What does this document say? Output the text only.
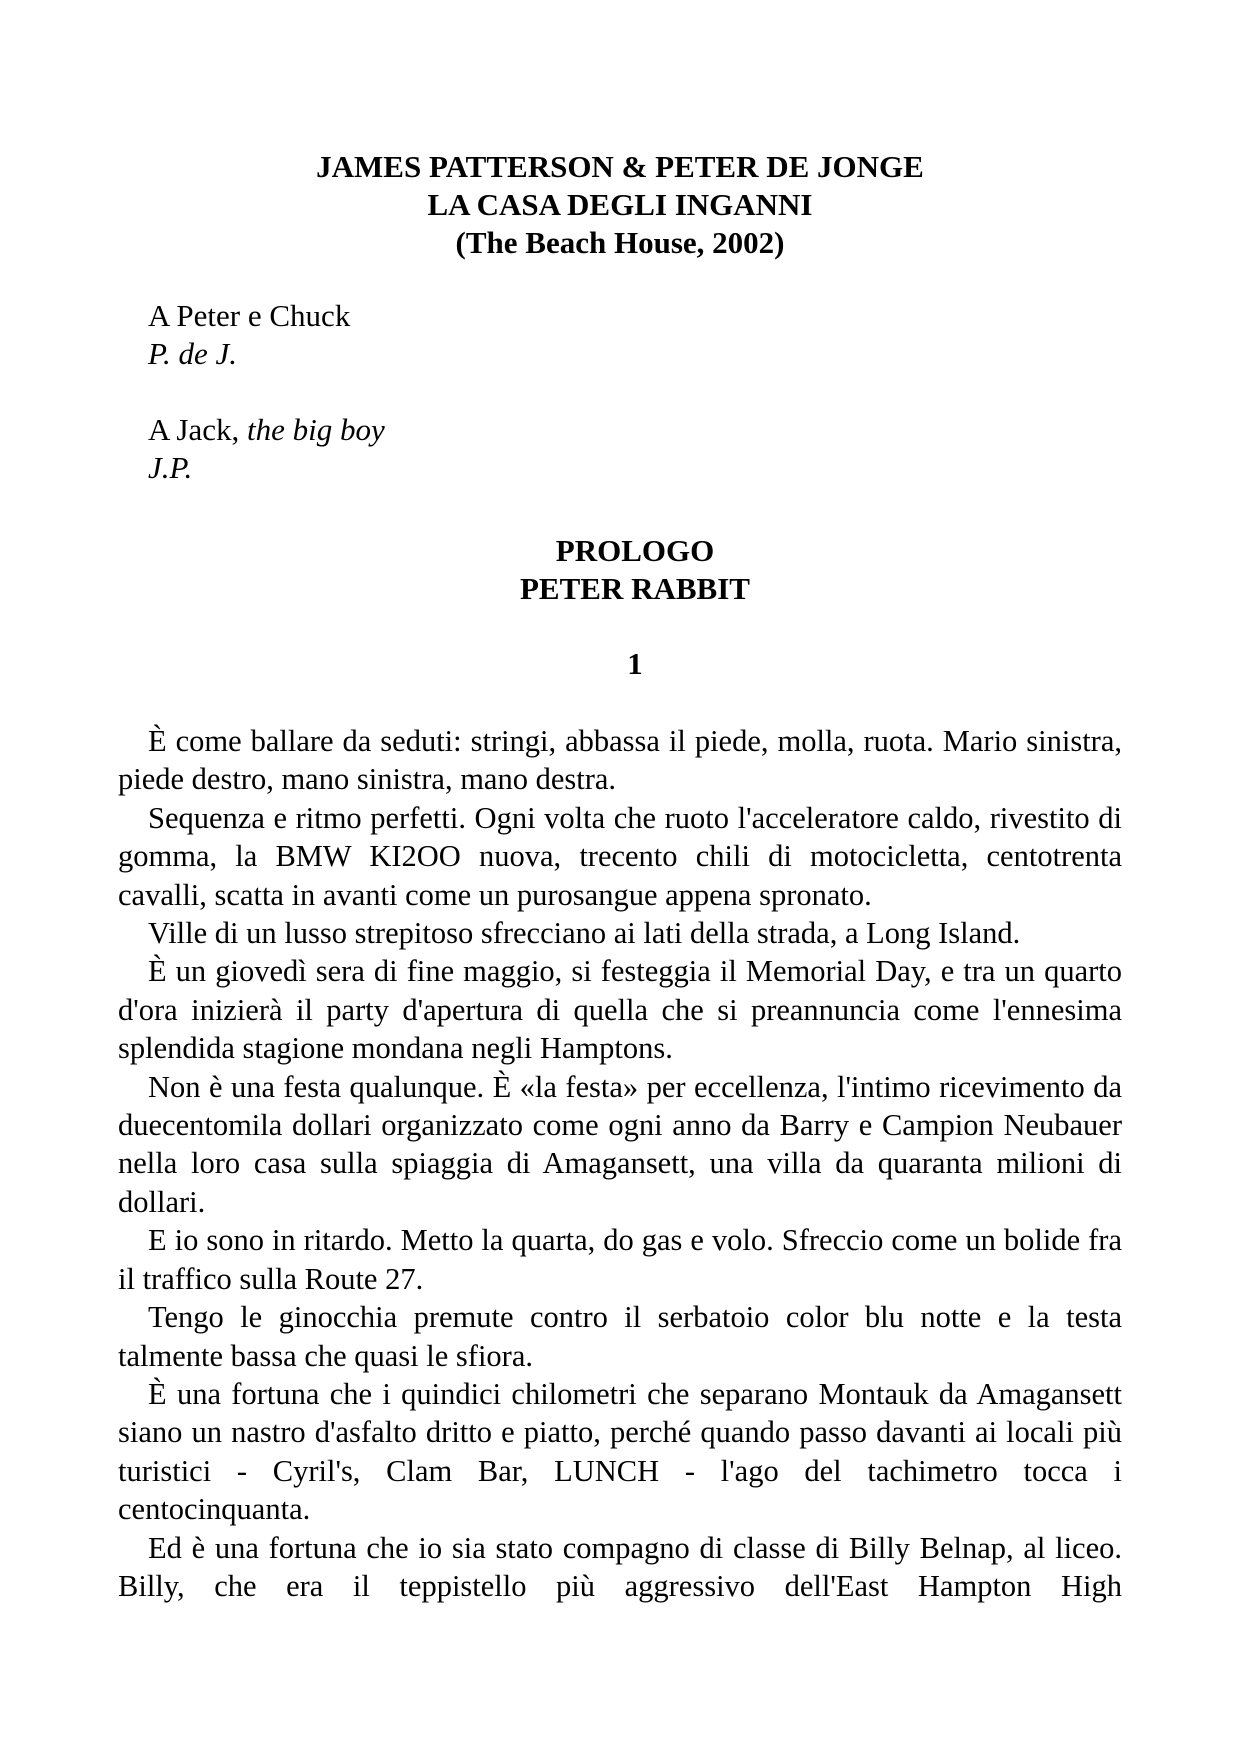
JAMES PATTERSON & PETER DE JONGE
LA CASA DEGLI INGANNI
(The Beach House, 2002)
A Peter e Chuck
P. de J.
A Jack, the big boy
J.P.
PROLOGO
PETER RABBIT
1

È come ballare da seduti: stringi, abbassa il piede, molla, ruota. Mario sinistra, piede destro, mano sinistra, mano destra.

Sequenza e ritmo perfetti. Ogni volta che ruoto l'acceleratore caldo, rivestito di gomma, la BMW KI2OO nuova, trecento chili di motocicletta, centotrenta cavalli, scatta in avanti come un purosangue appena spronato.

Ville di un lusso strepitoso sfrecciano ai lati della strada, a Long Island.

È un giovedì sera di fine maggio, si festeggia il Memorial Day, e tra un quarto d'ora inizierà il party d'apertura di quella che si preannuncia come l'ennesima splendida stagione mondana negli Hamptons.

Non è una festa qualunque. È «la festa» per eccellenza, l'intimo ricevimento da duecentomila dollari organizzato come ogni anno da Barry e Campion Neubauer nella loro casa sulla spiaggia di Amagansett, una villa da quaranta milioni di dollari.

E io sono in ritardo. Metto la quarta, do gas e volo. Sfreccio come un bolide fra il traffico sulla Route 27.

Tengo le ginocchia premute contro il serbatoio color blu notte e la testa talmente bassa che quasi le sfiora.

È una fortuna che i quindici chilometri che separano Montauk da Amagansett siano un nastro d'asfalto dritto e piatto, perché quando passo davanti ai locali più turistici - Cyril's, Clam Bar, LUNCH - l'ago del tachimetro tocca i centocinquanta.

Ed è una fortuna che io sia stato compagno di classe di Billy Belnap, al liceo. Billy, che era il teppistello più aggressivo dell'East Hampton High
